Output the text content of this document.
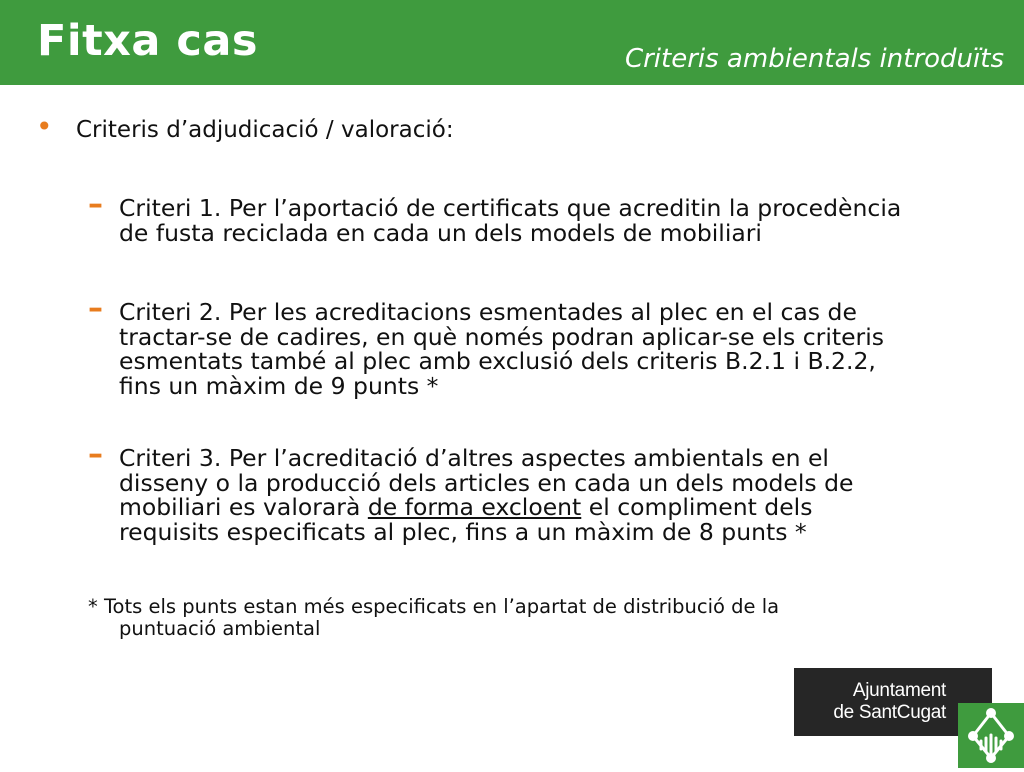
Fitxa cas	Criteris ambientals introduïts
• Criteris d’adjudicació / valoració:
– Criteri 1. Per l’aportació de certificats que acreditin la procedència
de fusta reciclada en cada un dels models de mobiliari
– Criteri 2. Per les acreditacions esmentades al plec en el cas de
tractar-se de cadires, en què només podran aplicar-se els criteris
esmentats també al plec amb exclusió dels criteris B.2.1 i B.2.2,
fins un màxim de 9 punts *
– Criteri 3. Per l’acreditació d’altres aspectes ambientals en el
disseny o la producció dels articles en cada un dels models de
mobiliari es valorarà de forma excloent el compliment dels
requisits especificats al plec, fins a un màxim de 8 punts *
* Tots els punts estan més especificats en l’apartat de distribució de la
puntuació ambiental
Ajuntament
de SantCugat
